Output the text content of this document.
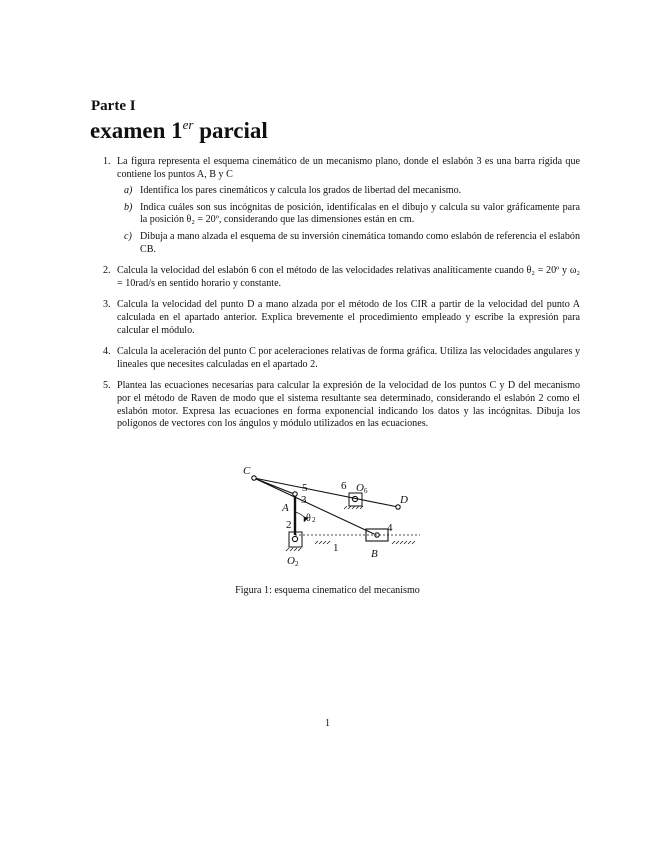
Parte I
examen 1er parcial
1. La figura representa el esquema cinemático de un mecanismo plano, donde el eslabón 3 es una barra rígida que contiene los puntos A, B y C
a) Identifica los pares cinemáticos y calcula los grados de libertad del mecanismo.
b) Indica cuáles son sus incógnitas de posición, identifícalas en el dibujo y calcula su valor gráficamente para la posición θ₂ = 20º, considerando que las dimensiones están en cm.
c) Dibuja a mano alzada el esquema de su inversión cinemática tomando como eslabón de referencia el eslabón CB.
2. Calcula la velocidad del eslabón 6 con el método de las velocidades relativas analíticamente cuando θ₂ = 20º y ω₂ = 10rad/s en sentido horario y constante.
3. Calcula la velocidad del punto D a mano alzada por el método de los CIR a partir de la velocidad del punto A calculada en el apartado anterior. Explica brevemente el procedimiento empleado y escribe la expresión para calcular el módulo.
4. Calcula la aceleración del punto C por aceleraciones relativas de forma gráfica. Utiliza las velocidades angulares y lineales que necesites calculadas en el apartado 2.
5. Plantea las ecuaciones necesarias para calcular la expresión de la velocidad de los puntos C y D del mecanismo por el método de Raven de modo que el sistema resultante sea determinado, considerando el eslabón 2 como el eslabón motor. Expresa las ecuaciones en forma exponencial indicando los datos y las incógnitas. Dibuja los polígonos de vectores con los ángulos y módulo utilizados en las ecuaciones.
C
A
B
D
O
O
3
5	6
2
1
4
θ
6
2
2
Figura 1: esquema cinematico del mecanismo
1
